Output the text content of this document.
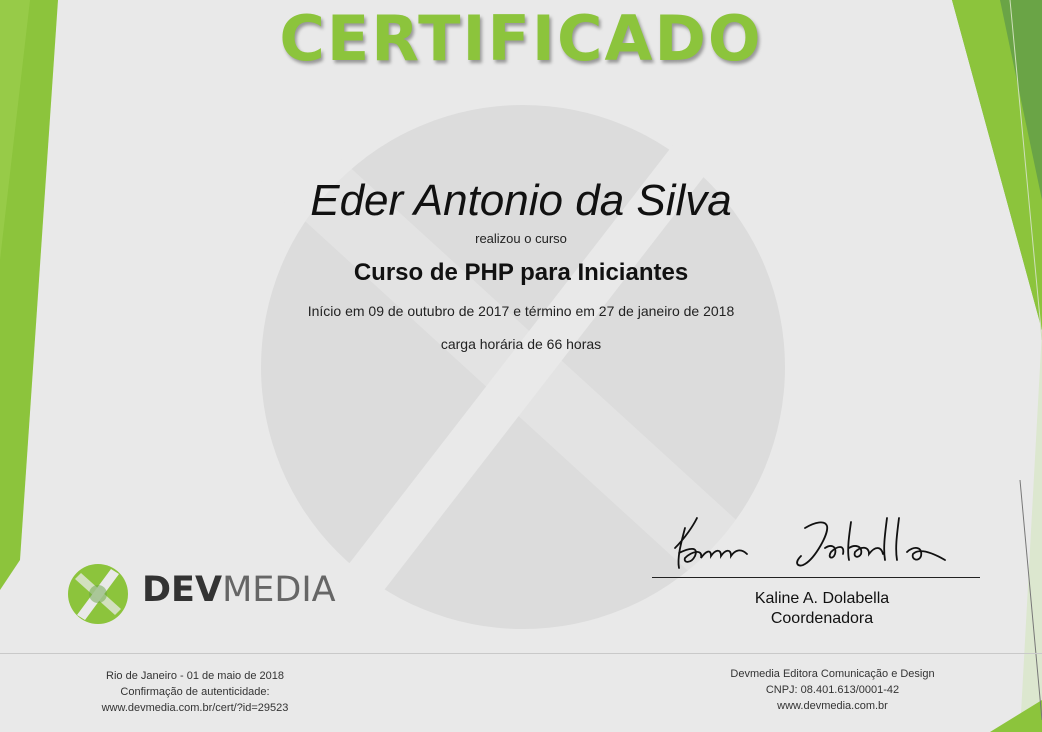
CERTIFICADO
Eder Antonio da Silva
realizou o curso
Curso de PHP para Iniciantes
Início em 09 de outubro de 2017 e término em 27 de janeiro de 2018
carga horária de 66 horas
DEVMEDIA	Kaline A. Dolabella
Coordenadora
Rio de Janeiro - 01 de maio de 2018
Confirmação de autenticidade:
www.devmedia.com.br/cert/?id=29523
Devmedia Editora Comunicação e Design
CNPJ: 08.401.613/0001-42
www.devmedia.com.br
